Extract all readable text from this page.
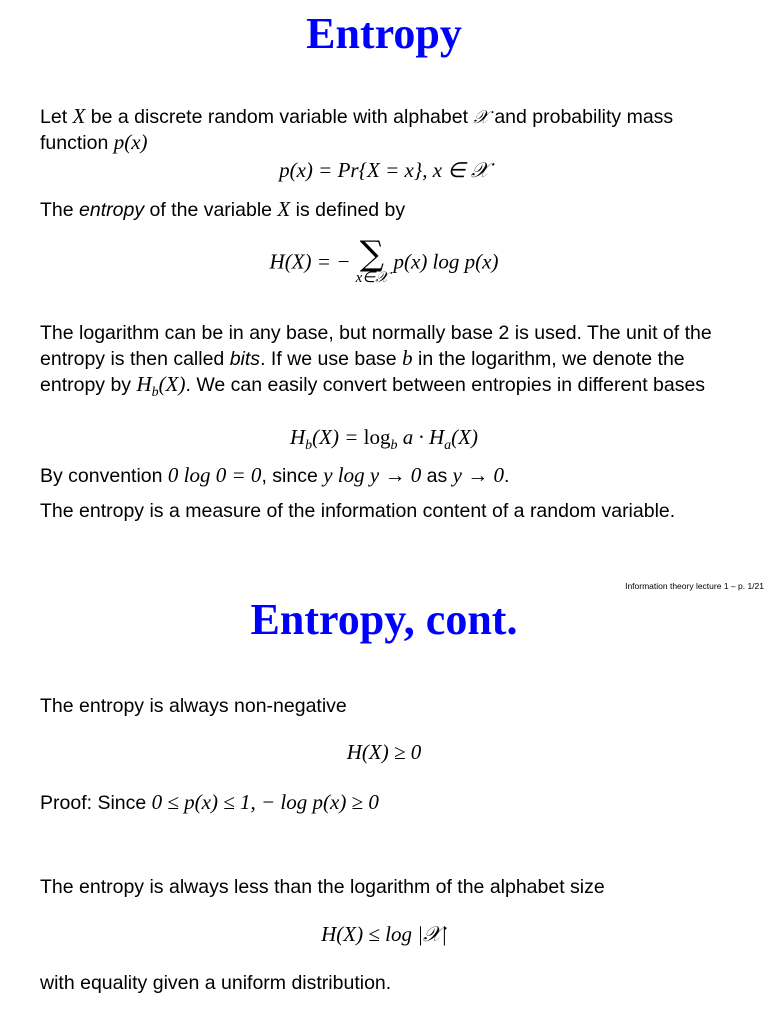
Entropy
Let X be a discrete random variable with alphabet 𝒳 and probability mass function p(x)
p(x) = Pr{X = x}, x ∈ 𝒳
The entropy of the variable X is defined by
H(X) = − ∑
x∈𝒳
p(x) log p(x)
The logarithm can be in any base, but normally base 2 is used. The unit of the entropy is then called bits. If we use base b in the logarithm, we denote the entropy by $H_b(X)$. We can easily convert between entropies in different bases
$H_b(X) = \log_b a \cdot H_a(X)$
By convention 0 log 0 = 0, since y log y → 0 as y → 0.
The entropy is a measure of the information content of a random variable.
Information theory lecture 1 – p. 1/21
Entropy, cont.
The entropy is always non-negative
H(X) ≥ 0
Proof: Since 0 ≤ p(x) ≤ 1, − log p(x) ≥ 0
The entropy is always less than the logarithm of the alphabet size
H(X) ≤ log |𝒳|
with equality given a uniform distribution.
